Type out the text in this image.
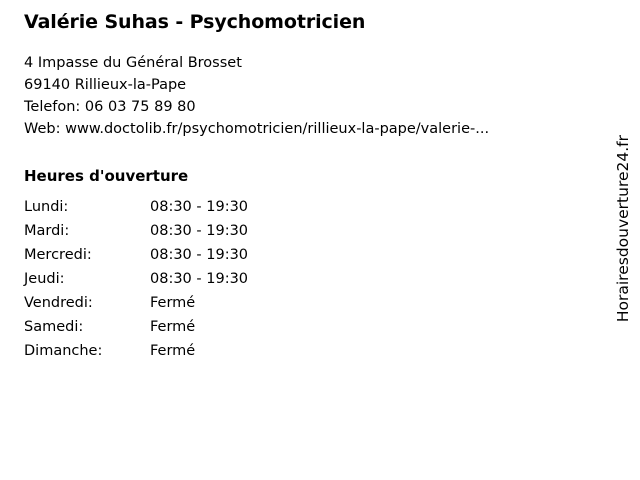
Valérie Suhas - Psychomotricien
4 Impasse du Général Brosset
69140 Rillieux-la-Pape
Telefon: 06 03 75 89 80
Web: www.doctolib.fr/psychomotricien/rillieux-la-pape/valerie-...
Heures d'ouverture
Lundi:	08:30 - 19:30
Mardi:	08:30 - 19:30
Mercredi:	08:30 - 19:30
Jeudi:	08:30 - 19:30
Vendredi:	Fermé
Samedi:	Fermé
Dimanche:	Fermé
Horairesdouverture24.fr
